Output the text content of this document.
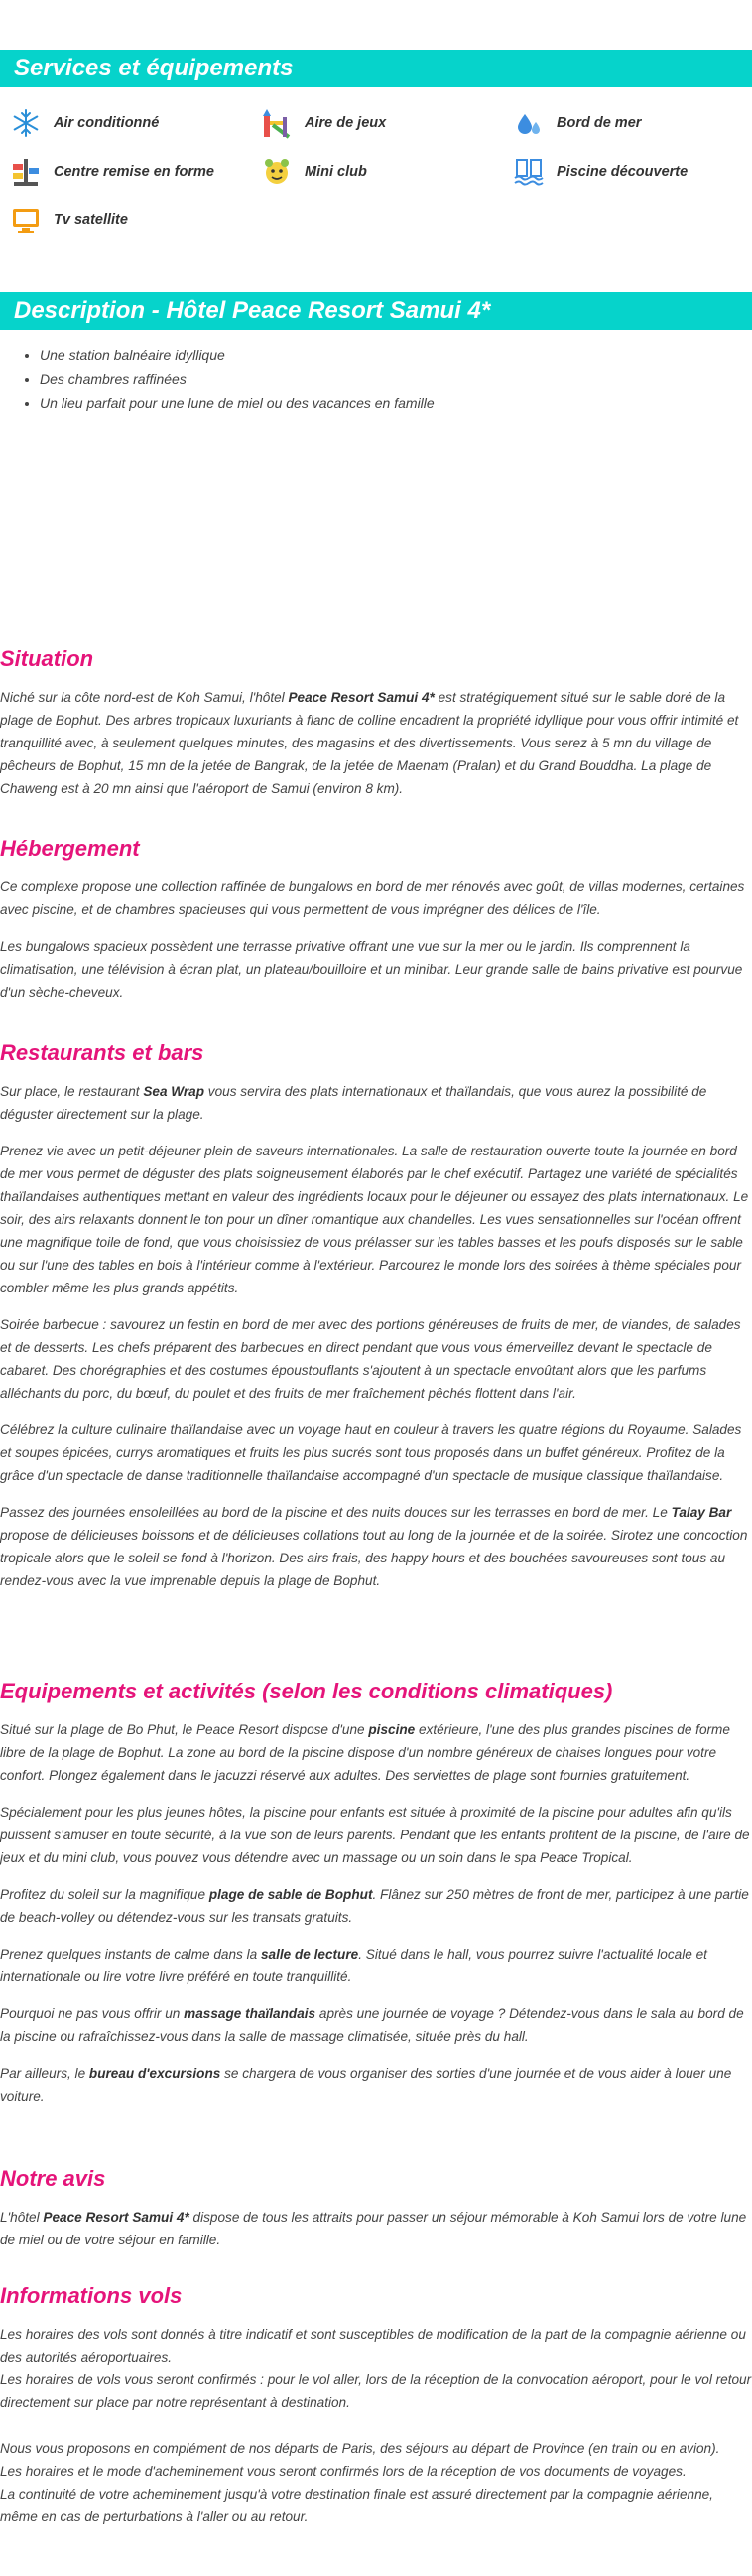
Services et équipements
Air conditionné	Aire de jeux	Bord de mer
Centre remise en forme	Mini club	Piscine découverte
Tv satellite
Description - Hôtel Peace Resort Samui 4*
• Une station balnéaire idyllique
• Des chambres raffinées
• Un lieu parfait pour une lune de miel ou des vacances en famille
Situation

Niché sur la côte nord-est de Koh Samui, l'hôtel Peace Resort Samui 4* est stratégiquement situé sur le sable doré de la plage de Bophut. Des arbres tropicaux luxuriants à flanc de colline encadrent la propriété idyllique pour vous offrir intimité et tranquillité avec, à seulement quelques minutes, des magasins et des divertissements. Vous serez à 5 mn du village de pêcheurs de Bophut, 15 mn de la jetée de Bangrak, de la jetée de Maenam (Pralan) et du Grand Bouddha. La plage de Chaweng est à 20 mn ainsi que l'aéroport de Samui (environ 8 km).

Hébergement

Ce complexe propose une collection raffinée de bungalows en bord de mer rénovés avec goût, de villas modernes, certaines avec piscine, et de chambres spacieuses qui vous permettent de vous imprégner des délices de l'île.

Les bungalows spacieux possèdent une terrasse privative offrant une vue sur la mer ou le jardin. Ils comprennent la climatisation, une télévision à écran plat, un plateau/bouilloire et un minibar. Leur grande salle de bains privative est pourvue d'un sèche-cheveux.

Restaurants et bars

Sur place, le restaurant Sea Wrap vous servira des plats internationaux et thaïlandais, que vous aurez la possibilité de déguster directement sur la plage.

Prenez vie avec un petit-déjeuner plein de saveurs internationales. La salle de restauration ouverte toute la journée en bord de mer vous permet de déguster des plats soigneusement élaborés par le chef exécutif. Partagez une variété de spécialités thaïlandaises authentiques mettant en valeur des ingrédients locaux pour le déjeuner ou essayez des plats internationaux. Le soir, des airs relaxants donnent le ton pour un dîner romantique aux chandelles. Les vues sensationnelles sur l'océan offrent une magnifique toile de fond, que vous choisissiez de vous prélasser sur les tables basses et les poufs disposés sur le sable ou sur l'une des tables en bois à l'intérieur comme à l'extérieur. Parcourez le monde lors des soirées à thème spéciales pour combler même les plus grands appétits.

Soirée barbecue : savourez un festin en bord de mer avec des portions généreuses de fruits de mer, de viandes, de salades et de desserts. Les chefs préparent des barbecues en direct pendant que vous vous émerveillez devant le spectacle de cabaret. Des chorégraphies et des costumes époustouflants s'ajoutent à un spectacle envoûtant alors que les parfums alléchants du porc, du bœuf, du poulet et des fruits de mer fraîchement pêchés flottent dans l'air.

Célébrez la culture culinaire thaïlandaise avec un voyage haut en couleur à travers les quatre régions du Royaume. Salades et soupes épicées, currys aromatiques et fruits les plus sucrés sont tous proposés dans un buffet généreux. Profitez de la grâce d'un spectacle de danse traditionnelle thaïlandaise accompagné d'un spectacle de musique classique thaïlandaise.

Passez des journées ensoleillées au bord de la piscine et des nuits douces sur les terrasses en bord de mer. Le Talay Bar propose de délicieuses boissons et de délicieuses collations tout au long de la journée et de la soirée. Sirotez une concoction tropicale alors que le soleil se fond à l'horizon. Des airs frais, des happy hours et des bouchées savoureuses sont tous au rendez-vous avec la vue imprenable depuis la plage de Bophut.

Equipements et activités (selon les conditions climatiques)

Situé sur la plage de Bo Phut, le Peace Resort dispose d'une piscine extérieure, l'une des plus grandes piscines de forme libre de la plage de Bophut. La zone au bord de la piscine dispose d'un nombre généreux de chaises longues pour votre confort. Plongez également dans le jacuzzi réservé aux adultes. Des serviettes de plage sont fournies gratuitement.

Spécialement pour les plus jeunes hôtes, la piscine pour enfants est située à proximité de la piscine pour adultes afin qu'ils puissent s'amuser en toute sécurité, à la vue son de leurs parents. Pendant que les enfants profitent de la piscine, de l'aire de jeux et du mini club, vous pouvez vous détendre avec un massage ou un soin dans le spa Peace Tropical.

Profitez du soleil sur la magnifique plage de sable de Bophut. Flânez sur 250 mètres de front de mer, participez à une partie de beach-volley ou détendez-vous sur les transats gratuits.

Prenez quelques instants de calme dans la salle de lecture. Situé dans le hall, vous pourrez suivre l'actualité locale et internationale ou lire votre livre préféré en toute tranquillité.

Pourquoi ne pas vous offrir un massage thaïlandais après une journée de voyage ? Détendez-vous dans le sala au bord de la piscine ou rafraîchissez-vous dans la salle de massage climatisée, située près du hall.

Par ailleurs, le bureau d'excursions se chargera de vous organiser des sorties d'une journée et de vous aider à louer une voiture.

Notre avis

L'hôtel Peace Resort Samui 4* dispose de tous les attraits pour passer un séjour mémorable à Koh Samui lors de votre lune de miel ou de votre séjour en famille.

Informations vols

Les horaires des vols sont donnés à titre indicatif et sont susceptibles de modification de la part de la compagnie aérienne ou des autorités aéroportuaires.

Les horaires de vols vous seront confirmés : pour le vol aller, lors de la réception de la convocation aéroport, pour le vol retour directement sur place par notre représentant à destination.

Nous vous proposons en complément de nos départs de Paris, des séjours au départ de Province (en train ou en avion).

Les horaires et le mode d'acheminement vous seront confirmés lors de la réception de vos documents de voyages.

La continuité de votre acheminement jusqu'à votre destination finale est assuré directement par la compagnie aérienne, même en cas de perturbations à l'aller ou au retour.
